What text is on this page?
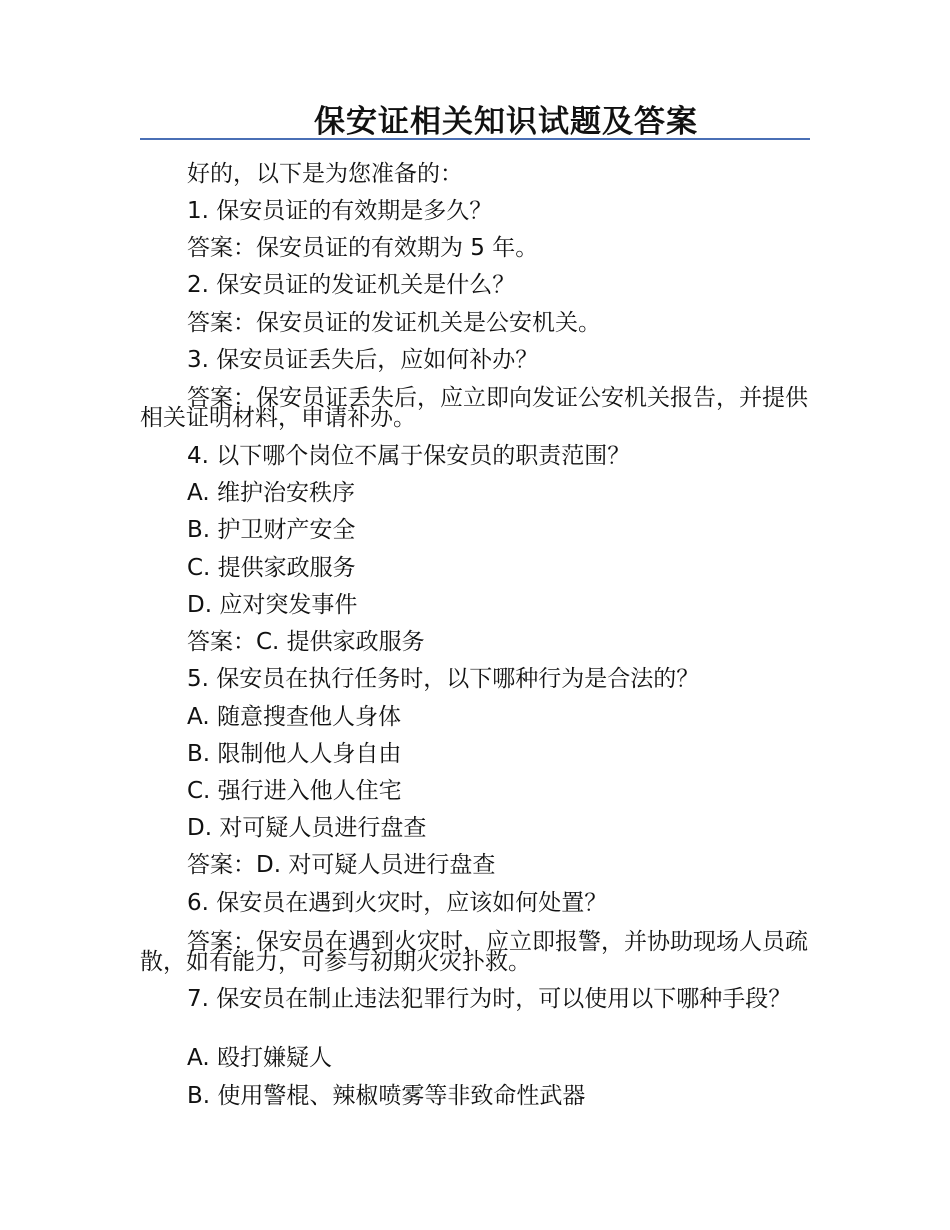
保安证相关知识试题及答案
好的，以下是为您准备的：
1. 保安员证的有效期是多久？
答案：保安员证的有效期为 5 年。
2. 保安员证的发证机关是什么？
答案：保安员证的发证机关是公安机关。
3. 保安员证丢失后，应如何补办？
答案：保安员证丢失后，应立即向发证公安机关报告，并提供相关证明材料，申请补办。
4. 以下哪个岗位不属于保安员的职责范围？
A. 维护治安秩序
B. 护卫财产安全
C. 提供家政服务
D. 应对突发事件
答案：C. 提供家政服务
5. 保安员在执行任务时，以下哪种行为是合法的？
A. 随意搜查他人身体
B. 限制他人人身自由
C. 强行进入他人住宅
D. 对可疑人员进行盘查
答案：D. 对可疑人员进行盘查
6. 保安员在遇到火灾时，应该如何处置？
答案：保安员在遇到火灾时，应立即报警，并协助现场人员疏散，如有能力，可参与初期火灾扑救。
7. 保安员在制止违法犯罪行为时，可以使用以下哪种手段？
A. 殴打嫌疑人
B. 使用警棍、辣椒喷雾等非致命性武器
